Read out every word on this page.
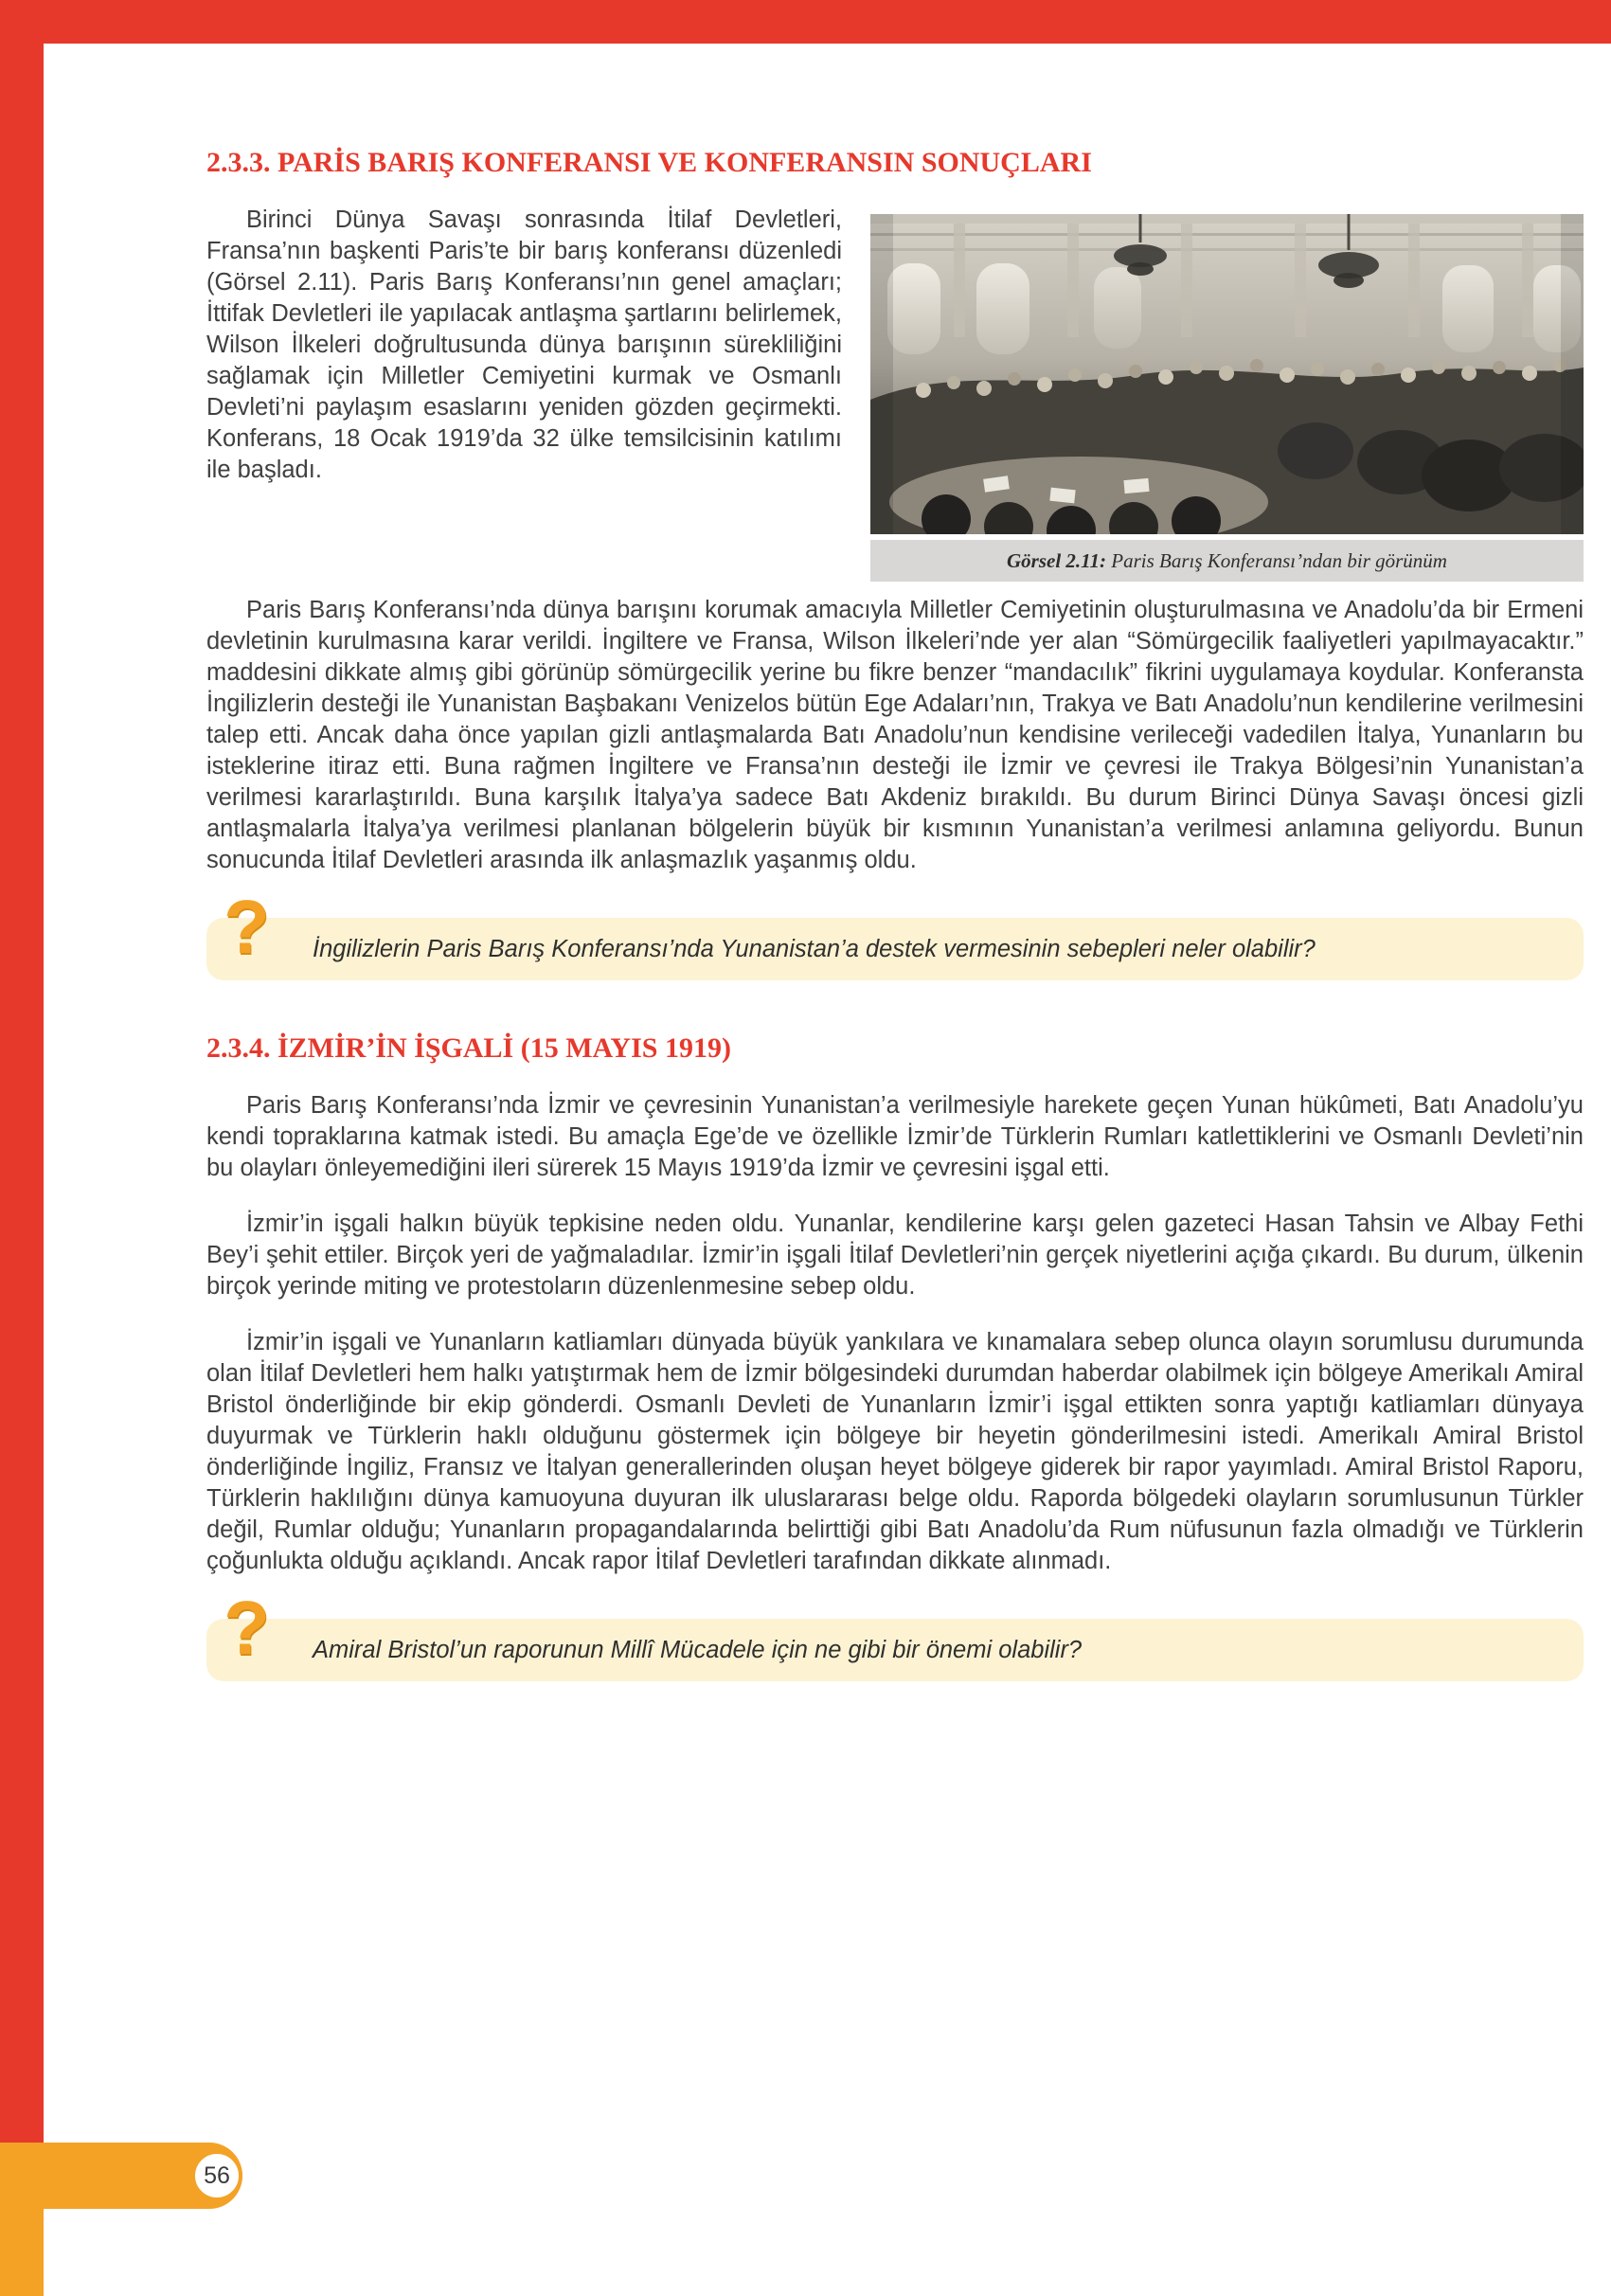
2.3.3. PARİS BARIŞ KONFERANSI VE KONFERANSIN SONUÇLARI
Görsel 2.11: Paris Barış Konferansı’ndan bir görünüm

Birinci Dünya Savaşı sonrasında İtilaf Devletleri, Fransa’nın başkenti Paris’te bir barış konferansı düzenledi (Görsel 2.11). Paris Barış Konferansı’nın genel amaçları; İttifak Devletleri ile yapılacak antlaşma şartlarını belirlemek, Wilson İlkeleri doğrultusunda dünya barışının sürekliliğini sağlamak için Milletler Cemiyetini kurmak ve Osmanlı Devleti’ni paylaşım esaslarını yeniden gözden geçirmekti. Konferans, 18 Ocak 1919’da 32 ülke temsilcisinin katılımı ile başladı.

Paris Barış Konferansı’nda dünya barışını korumak amacıyla Milletler Cemiyetinin oluşturulmasına ve Anadolu’da bir Ermeni devletinin kurulmasına karar verildi. İngiltere ve Fransa, Wilson İlkeleri’nde yer alan “Sömürgecilik faaliyetleri yapılmayacaktır.” maddesini dikkate almış gibi görünüp sömürgecilik yerine bu fikre benzer “mandacılık” fikrini uygulamaya koydular. Konferansta İngilizlerin desteği ile Yunanistan Başbakanı Venizelos bütün Ege Adaları’nın, Trakya ve Batı Anadolu’nun kendilerine verilmesini talep etti. Ancak daha önce yapılan gizli antlaşmalarda Batı Anadolu’nun kendisine verileceği vadedilen İtalya, Yunanların bu isteklerine itiraz etti. Buna rağmen İngiltere ve Fransa’nın desteği ile İzmir ve çevresi ile Trakya Bölgesi’nin Yunanistan’a verilmesi kararlaştırıldı. Buna karşılık İtalya’ya sadece Batı Akdeniz bırakıldı. Bu durum Birinci Dünya Savaşı öncesi gizli antlaşmalarla İtalya’ya verilmesi planlanan bölgelerin büyük bir kısmının Yunanistan’a verilmesi anlamına geliyordu. Bunun sonucunda İtilaf Devletleri arasında ilk anlaşmazlık yaşanmış oldu.

? İngilizlerin Paris Barış Konferansı’nda Yunanistan’a destek vermesinin sebepleri neler olabilir?
2.3.4. İZMİR’İN İŞGALİ (15 MAYIS 1919)

Paris Barış Konferansı’nda İzmir ve çevresinin Yunanistan’a verilmesiyle harekete geçen Yunan hükûmeti, Batı Anadolu’yu kendi topraklarına katmak istedi. Bu amaçla Ege’de ve özellikle İzmir’de Türklerin Rumları katlettiklerini ve Osmanlı Devleti’nin bu olayları önleyemediğini ileri sürerek 15 Mayıs 1919’da İzmir ve çevresini işgal etti.

İzmir’in işgali halkın büyük tepkisine neden oldu. Yunanlar, kendilerine karşı gelen gazeteci Hasan Tahsin ve Albay Fethi Bey’i şehit ettiler. Birçok yeri de yağmaladılar. İzmir’in işgali İtilaf Devletleri’nin gerçek niyetlerini açığa çıkardı. Bu durum, ülkenin birçok yerinde miting ve protestoların düzenlenmesine sebep oldu.

İzmir’in işgali ve Yunanların katliamları dünyada büyük yankılara ve kınamalara sebep olunca olayın sorumlusu durumunda olan İtilaf Devletleri hem halkı yatıştırmak hem de İzmir bölgesindeki durumdan haberdar olabilmek için bölgeye Amerikalı Amiral Bristol önderliğinde bir ekip gönderdi. Osmanlı Devleti de Yunanların İzmir’i işgal ettikten sonra yaptığı katliamları dünyaya duyurmak ve Türklerin haklı olduğunu göstermek için bölgeye bir heyetin gönderilmesini istedi. Amerikalı Amiral Bristol önderliğinde İngiliz, Fransız ve İtalyan generallerinden oluşan heyet bölgeye giderek bir rapor yayımladı. Amiral Bristol Raporu, Türklerin haklılığını dünya kamuoyuna duyuran ilk uluslararası belge oldu. Raporda bölgedeki olayların sorumlusunun Türkler değil, Rumlar olduğu; Yunanların propagandalarında belirttiği gibi Batı Anadolu’da Rum nüfusunun fazla olmadığı ve Türklerin çoğunlukta olduğu açıklandı. Ancak rapor İtilaf Devletleri tarafından dikkate alınmadı.

? Amiral Bristol’un raporunun Millî Mücadele için ne gibi bir önemi olabilir?
56
